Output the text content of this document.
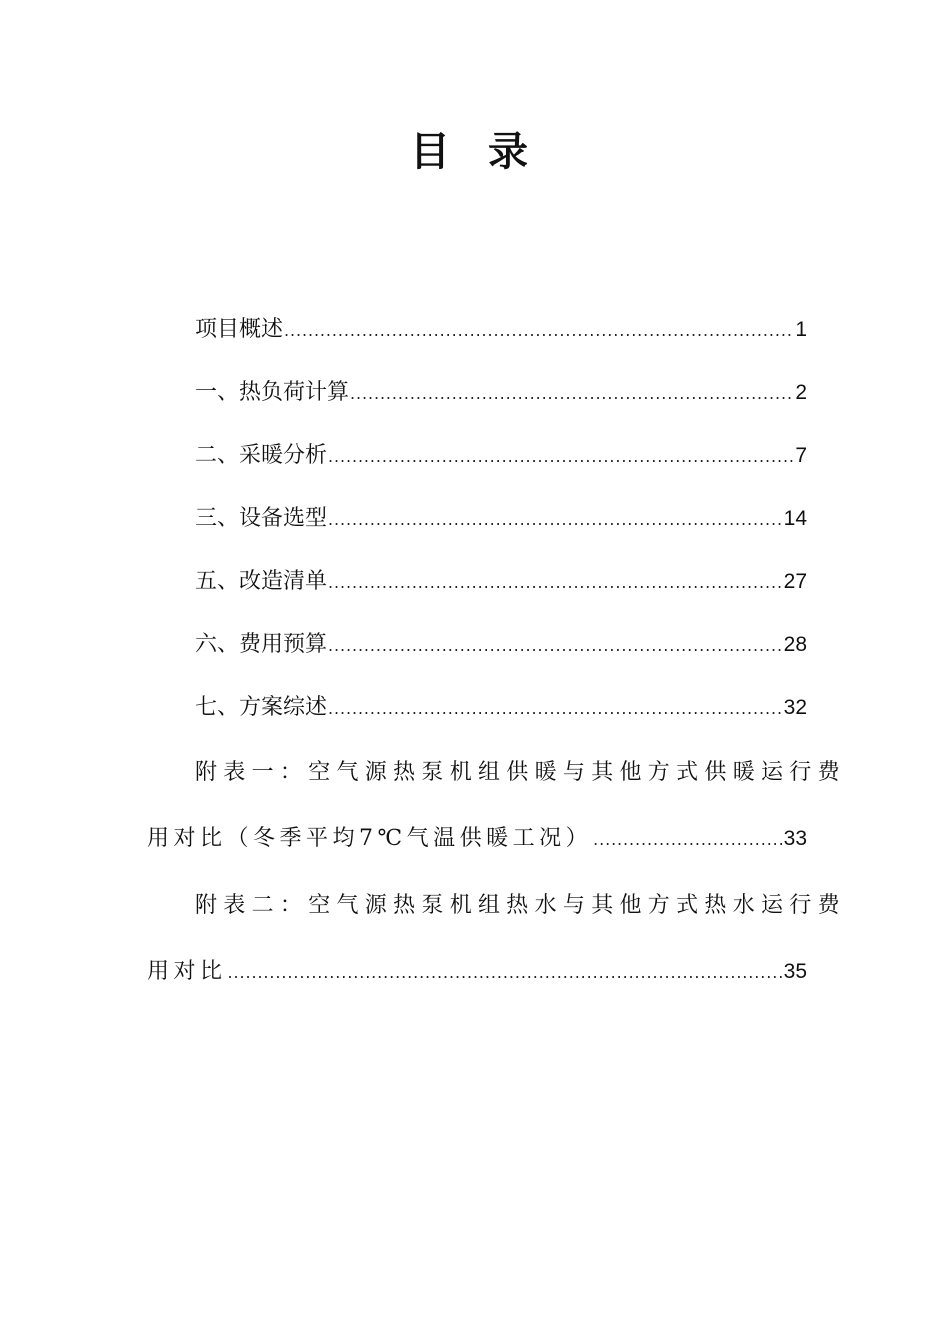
目 录
项目概述 .....	1
一、热负荷计算 .....	2
二、采暖分析 .....	7
三、设备选型 .....	14
五、改造清单 .....	27
六、费用预算 .....	28
七、方案综述 .....	32
附表一：空气源热泵机组供暖与其他方式供暖运行费
用对比（冬季平均7℃气温供暖工况） .....	33
附表二：空气源热泵机组热水与其他方式热水运行费
用对比 .....	35
